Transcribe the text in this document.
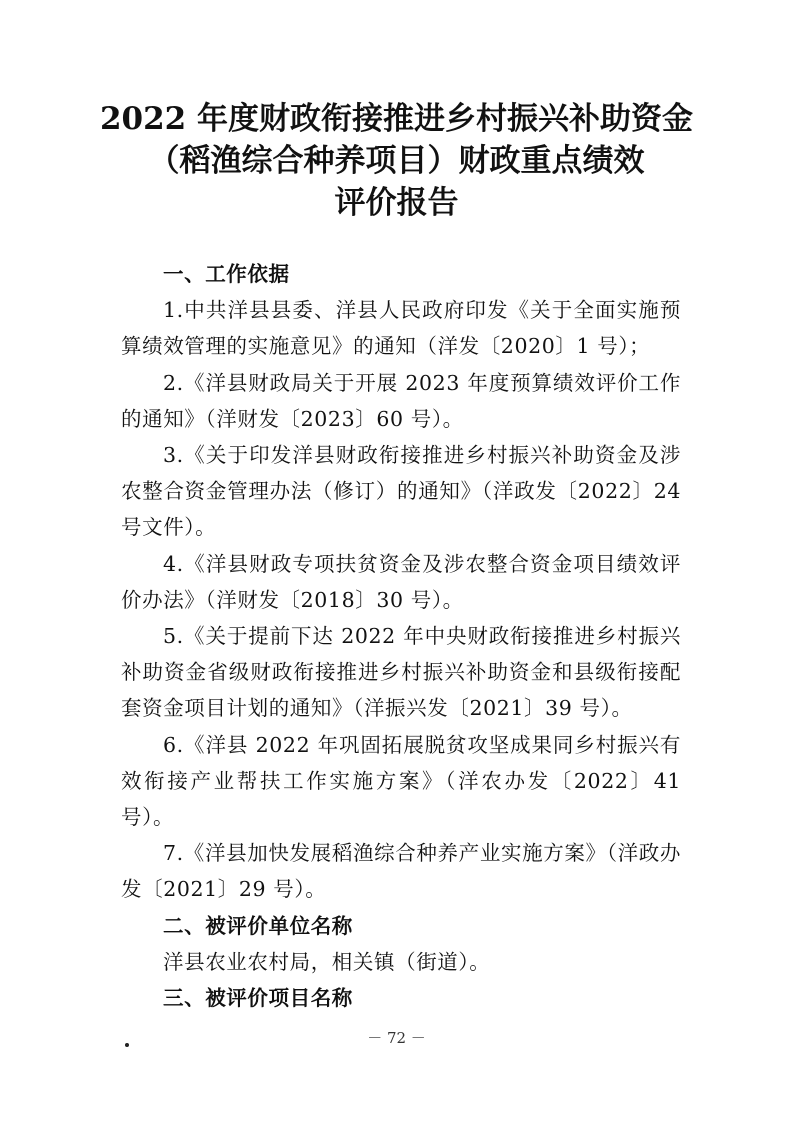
2022 年度财政衔接推进乡村振兴补助资金
（稻渔综合种养项目）财政重点绩效
评价报告

一、工作依据

1.中共洋县县委、洋县人民政府印发《关于全面实施预算绩效管理的实施意见》的通知（洋发〔2020〕1 号）；

2.《洋县财政局关于开展 2023 年度预算绩效评价工作的通知》（洋财发〔2023〕60 号）。

3.《关于印发洋县财政衔接推进乡村振兴补助资金及涉农整合资金管理办法（修订）的通知》（洋政发〔2022〕24 号文件）。

4.《洋县财政专项扶贫资金及涉农整合资金项目绩效评价办法》（洋财发〔2018〕30 号）。

5.《关于提前下达 2022 年中央财政衔接推进乡村振兴补助资金省级财政衔接推进乡村振兴补助资金和县级衔接配套资金项目计划的通知》（洋振兴发〔2021〕39 号）。

6.《洋县 2022 年巩固拓展脱贫攻坚成果同乡村振兴有效衔接产业帮扶工作实施方案》（洋农办发〔2022〕41 号）。

7.《洋县加快发展稻渔综合种养产业实施方案》（洋政办发〔2021〕29 号）。

二、被评价单位名称

洋县农业农村局，相关镇（街道）。

三、被评价项目名称

－ 72 －
